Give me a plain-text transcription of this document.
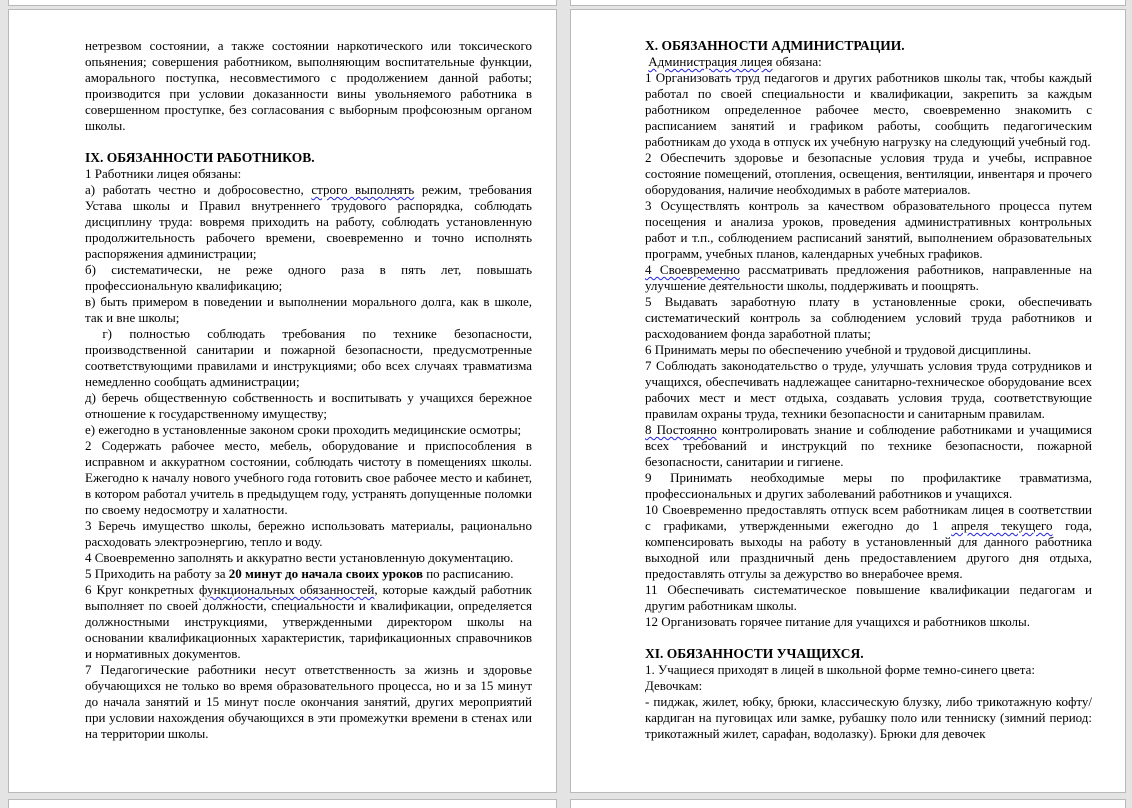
нетрезвом состоянии, а также состоянии наркотического или токсического опьянения; совершения работником, выполняющим воспитательные функции, аморального поступка, несовместимого с продолжением данной работы; производится при условии доказанности вины увольняемого работника в совершенном проступке, без согласования с выборным профсоюзным органом школы.

IX. ОБЯЗАННОСТИ РАБОТНИКОВ.

1 Работники лицея обязаны:

а) работать честно и добросовестно, строго выполнять режим, требования Устава школы и Правил внутреннего трудового распорядка, соблюдать дисциплину труда: вовремя приходить на работу, соблюдать установленную продолжительность рабочего времени, своевременно и точно исполнять распоряжения администрации;

б) систематически, не реже одного раза в пять лет, повышать профессиональную квалификацию;

в) быть примером в поведении и выполнении морального долга, как в школе, так и вне школы;

г) полностью соблюдать требования по технике безопасности, производственной санитарии и пожарной безопасности, предусмотренные соответствующими правилами и инструкциями; обо всех случаях травматизма немедленно сообщать администрации;

д) беречь общественную собственность и воспитывать у учащихся бережное отношение к государственному имуществу;

е) ежегодно в установленные законом сроки проходить медицинские осмотры;

2 Содержать рабочее место, мебель, оборудование и приспособления в исправном и аккуратном состоянии, соблюдать чистоту в помещениях школы. Ежегодно к началу нового учебного года готовить свое рабочее место и кабинет, в котором работал учитель в предыдущем году, устранять допущенные поломки по своему недосмотру и халатности.

3 Беречь имущество школы, бережно использовать материалы, рационально расходовать электроэнергию, тепло и воду.

4 Своевременно заполнять и аккуратно вести установленную документацию.

5 Приходить на работу за 20 минут до начала своих уроков по расписанию.

6 Круг конкретных функциональных обязанностей, которые каждый работник выполняет по своей должности, специальности и квалификации, определяется должностными инструкциями, утвержденными директором школы на основании квалификационных характеристик, тарификационных справочников и нормативных документов.

7 Педагогические работники несут ответственность за жизнь и здоровье обучающихся не только во время образовательного процесса, но и за 15 минут до начала занятий и 15 минут после окончания занятий, других мероприятий при условии нахождения обучающихся в эти промежутки времени в стенах или на территории школы.

X. ОБЯЗАННОСТИ АДМИНИСТРАЦИИ.

Администрация лицея обязана:

1 Организовать труд педагогов и других работников школы так, чтобы каждый работал по своей специальности и квалификации, закрепить за каждым работником определенное рабочее место, своевременно знакомить с расписанием занятий и графиком работы, сообщить педагогическим работникам до ухода в отпуск их учебную нагрузку на следующий учебный год.

2 Обеспечить здоровье и безопасные условия труда и учебы, исправное состояние помещений, отопления, освещения, вентиляции, инвентаря и прочего оборудования, наличие необходимых в работе материалов.

3 Осуществлять контроль за качеством образовательного процесса путем посещения и анализа уроков, проведения административных контрольных работ и т.п., соблюдением расписаний занятий, выполнением образовательных программ, учебных планов, календарных учебных графиков.

4 Своевременно рассматривать предложения работников, направленные на улучшение деятельности школы, поддерживать и поощрять.

5 Выдавать заработную плату в установленные сроки, обеспечивать систематический контроль за соблюдением условий труда работников и расходованием фонда заработной платы;

6 Принимать меры по обеспечению учебной и трудовой дисциплины.

7 Соблюдать законодательство о труде, улучшать условия труда сотрудников и учащихся, обеспечивать надлежащее санитарно-техническое оборудование всех рабочих мест и мест отдыха, создавать условия труда, соответствующие правилам охраны труда, техники безопасности и санитарным правилам.

8 Постоянно контролировать знание и соблюдение работниками и учащимися всех требований и инструкций по технике безопасности, пожарной безопасности, санитарии и гигиене.

9 Принимать необходимые меры по профилактике травматизма, профессиональных и других заболеваний работников и учащихся.

10 Своевременно предоставлять отпуск всем работникам лицея в соответствии с графиками, утвержденными ежегодно до 1 апреля текущего года, компенсировать выходы на работу в установленный для данного работника выходной или праздничный день предоставлением другого дня отдыха, предоставлять отгулы за дежурство во внерабочее время.

11 Обеспечивать систематическое повышение квалификации педагогам и другим работникам школы.

12 Организовать горячее питание для учащихся и работников школы.

XI. ОБЯЗАННОСТИ УЧАЩИХСЯ.

1. Учащиеся приходят в лицей в школьной форме темно-синего цвета:

Девочкам:

- пиджак, жилет, юбку, брюки, классическую блузку, либо трикотажную кофту/кардиган на пуговицах или замке, рубашку поло или тенниску (зимний период: трикотажный жилет, сарафан, водолазку). Брюки для девочек
